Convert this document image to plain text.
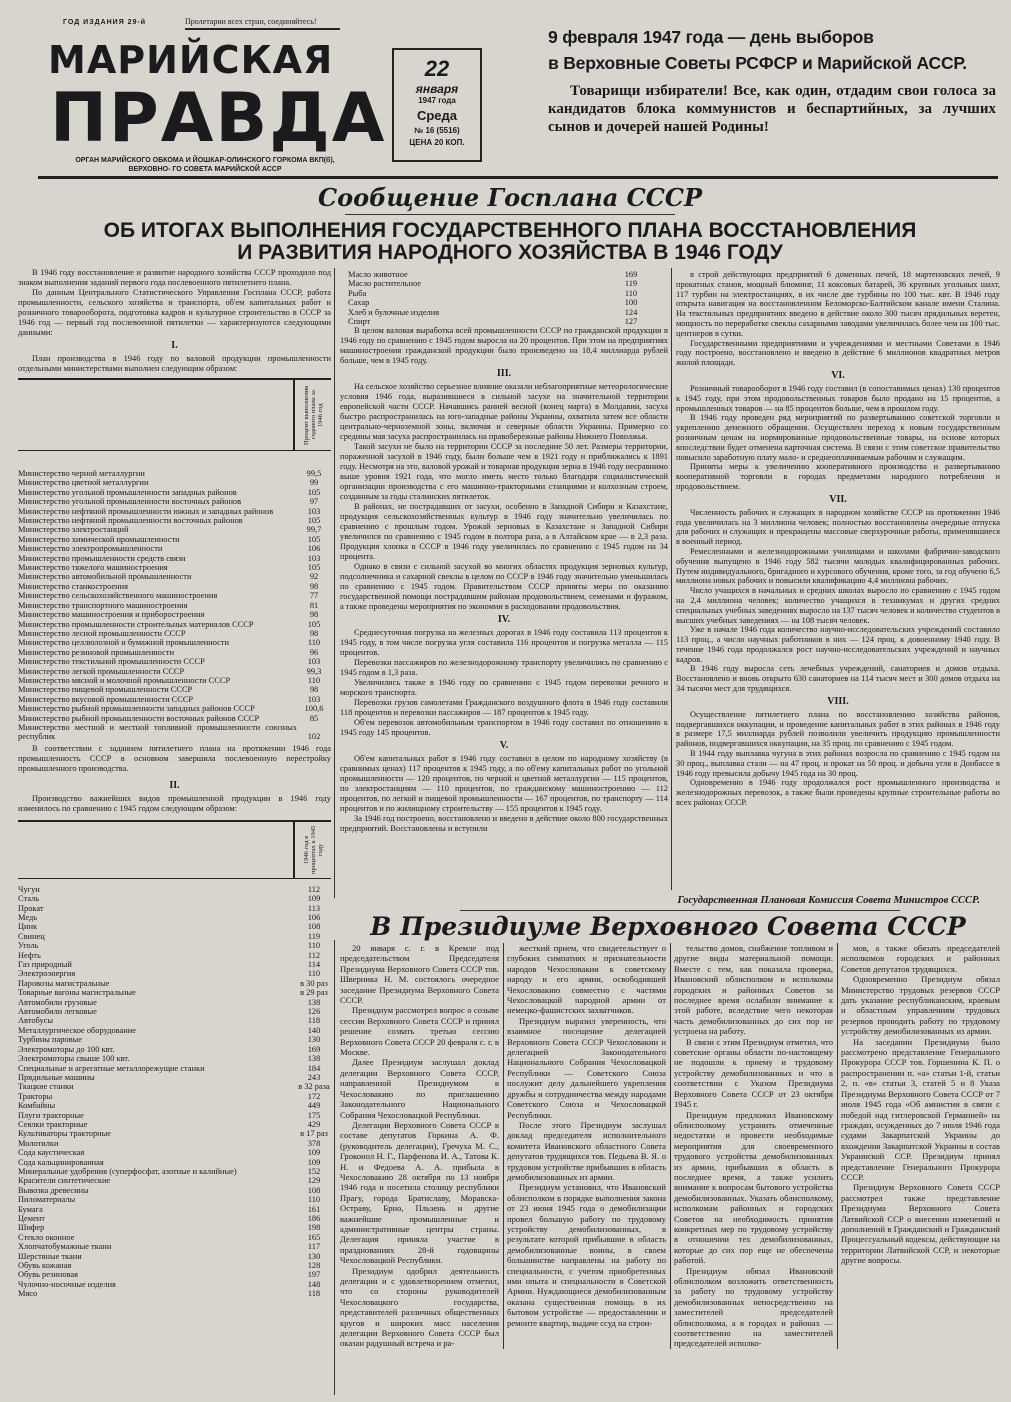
ГОД ИЗДАНИЯ 29-й	Пролетарии всех стран, соединяйтесь!
МАРИЙСКАЯ
ПРАВДА
ОРГАН МАРИЙСКОГО ОБКОМА И ЙОШКАР-ОЛИНСКОГО ГОРКОМА ВКП(б), ВЕРХОВНО- ГО СОВЕТА МАРИЙСКОЙ АССР
22
января
1947 года
Среда
№ 16 (5516)
ЦЕНА 20 КОП.
9 февраля 1947 года — день выборов
в Верховные Советы РСФСР и Марийской АССР.
Товарищи избиратели! Все, как один, отдадим свои голоса за кандидатов блока коммунистов и беспартийных, за лучших сынов и дочерей нашей Родины!
Сообщение Госплана СССР
ОБ ИТОГАХ ВЫПОЛНЕНИЯ ГОСУДАРСТВЕННОГО ПЛАНА ВОССТАНОВЛЕНИЯ
И РАЗВИТИЯ НАРОДНОГО ХОЗЯЙСТВА В 1946 ГОДУ

В 1946 году восстановление и развитие народного хозяйства СССР проходило под знаком выполнения заданий первого года послевоенного пятилетнего плана.

По данным Центрального Статистического Управления Госплана СССР, работа промышленности, сельского хозяйства и транспорта, об'ем капитальных работ и розничного товарооборота, подготовка кадров и культурное строительство в СССР за 1946 год — первый год послевоенной пятилетки — характеризуются следующими данными:

I.

План производства в 1946 году по валовой продукции промышленности отдельными министерствами выполнен следующим образом:

Процент выполнения годового плана за 1946 год
Министерство черной металлургии	99,5
Министерство цветной металлургии	99
Министерство угольной промышленности западных районов	105
Министерство угольной промышленности восточных районов	97
Министерство нефтяной промышленности южных и западных районов	103
Министерство нефтяной промышленности восточных районов	105
Министерство электростанций	99,7
Министерство химической промышленности	105
Министерство электропромышленности	106
Министерство промышленности средств связи	103
Министерство тяжелого машиностроения	105
Министерство автомобильной промышленности	92
Министерство станкостроения	98
Министерство сельскохозяйственного машиностроения	77
Министерство транспортного машиностроения	81
Министерство машиностроения и приборостроения	98
Министерство промышленности строительных материалов СССР	105
Министерство лесной промышленности СССР	98
Министерство целлюлозной и бумажной промышленности	110
Министерство резиновой промышленности	96
Министерство текстильной промышленности СССР	103
Министерство легкой промышленности СССР	99,3
Министерство мясной и молочной промышленности СССР	110
Министерство пищевой промышленности СССР	98
Министерство вкусовой промышленности СССР	103
Министерство рыбной промышленности западных районов СССР	100,6
Министерство рыбной промышленности восточных районов СССР	85
Министерство местной и местной топливной промышленности союзных республик	102

В соответствии с заданием пятилетнего плана на протяжении 1946 года промышленность СССР в основном завершила послевоенную перестройку промышленного производства.

II.

Производство важнейших видов промышленной продукции в 1946 году изменилось по сравнению с 1945 годом следующим образом:

1946 год в процентах к 1945 году
Чугун	112
Сталь	109
Прокат	113
Медь	106
Цинк	108
Свинец	119
Уголь	110
Нефть	112
Газ природный	114
Электроэнергия	110
Паровозы магистральные	в 30 раз
Товарные вагоны магистральные	в 29 раз
Автомобили грузовые	138
Автомобили легковые	126
Автобусы	118
Металлургическое оборудование	140
Турбины паровые	130
Электромоторы до 100 квт.	169
Электромоторы свыше 100 квт.	138
Специальные и агрегатные металлорежущие станки	184
Прядильные машины	243
Ткацкие станки	в 32 раза
Тракторы	172
Комбайны	449
Плуги тракторные	175
Сеялки тракторные	429
Культиваторы тракторные	в 17 раз
Молотилки	378
Сода каустическая	109
Сода кальцинированная	109
Минеральные удобрения (суперфосфат, азотные и калийные)	152
Красители синтетические	129
Вывозка древесины	108
Пиломатериалы	110
Бумага	161
Цемент	186
Шифер	198
Стекло оконное	165
Хлопчатобумажные ткани	117
Шерстяные ткани	130
Обувь кожаная	128
Обувь резиновая	197
Чулочно-носочные изделия	148
Мясо	118
Масло животное	169
Масло растительное	119
Рыба	110
Сахар	100
Хлеб и булочные изделия	124
Спирт	127

В целом валовая выработка всей промышленности СССР по гражданской продукции в 1946 году по сравнению с 1945 годом выросла на 20 процентов. При этом на предприятиях машиностроения гражданской продукции было произведено на 18,4 миллиарда рублей больше, чем в 1945 году.

III.

На сельское хозяйство серьезное влияние оказали неблагоприятные метеорологические условия 1946 года, выразившиеся в сильной засухе на значительной территории европейской части СССР. Начавшись ранней весной (конец марта) в Молдавии, засуха быстро распространилась на юго-западные районы Украины, охватила затем все области центрально-черноземной зоны, включая и северные области Украины. Примерно со средины мая засуха распространилась на правобережные районы Нижнего Поволжья.

Такой засухи не было на территории СССР за последние 50 лет. Размеры территории, пораженной засухой в 1946 году, были больше чем в 1921 году и приближались к 1891 году. Несмотря на это, валовой урожай и товарная продукция зерна в 1946 году несравнимо выше уровня 1921 года, что могло иметь место только благодаря социалистической организации производства с его машинно-тракторными станциями и колхозным строем, созданным за годы сталинских пятилеток.

В районах, не пострадавших от засухи, особенно в Западной Сибири и Казахстане, продукция сельскохозяйственных культур в 1946 году значительно увеличилась по сравнению с прошлым годом. Урожай зерновых в Казахстане и Западной Сибири увеличился по сравнению с 1945 годом в полтора раза, а в Алтайском крае — в 2,3 раза. Продукция хлопка в СССР в 1946 году увеличилась по сравнению с 1945 годом на 34 процента.

Однако в связи с сильной засухой во многих областях продукция зерновых культур, подсолнечника и сахарной свеклы в целом по СССР в 1946 году значительно уменьшилась по сравнению с 1945 годом. Правительством СССР приняты меры по оказанию государственной помощи пострадавшим районам продовольствием, семенами и фуражом, а также проведены мероприятия по экономии в расходовании продовольствия.

IV.

Среднесуточная погрузка на железных дорогах в 1946 году составила 113 процентов к 1945 году, в том числе погрузка угля составила 116 процентов и погрузка металла — 115 процентов.

Перевозки пассажиров по железнодорожному транспорту увеличились по сравнению с 1945 годом в 1,3 раза.

Увеличились также в 1946 году по сравнению с 1945 годом перевозки речного и морского транспорта.

Перевозки грузов самолетами Гражданского воздушного флота в 1946 году составили 118 процентов и перевозки пассажиров — 187 процентов к 1945 году.

Об'ем перевозок автомобильным транспортом в 1946 году составил по отношению к 1945 году 145 процентов.

V.

Об'ем капитальных работ в 1946 году составил в целом по народному хозяйству (в сравнимых ценах) 117 процентов к 1945 году, а по об'ему капитальных работ по угольной промышленности — 120 процентов, по черной и цветной металлургии — 115 процентов, по электростанциям — 110 процентов, по гражданскому машиностроению — 112 процентов, по легкой и пищевой промышленности — 167 процентов, по транспорту — 114 процентов и по жилищному строительству — 155 процентов к 1945 году.

За 1946 год построено, восстановлено и введено в действие около 800 государственных предприятий. Восстановлены и вступили

в строй действующих предприятий 6 доменных печей, 18 мартеновских печей, 9 прокатных станов, мощный блюминг, 11 коксовых батарей, 36 крупных угольных шахт, 117 турбин на электростанциях, в их числе две турбины по 100 тыс. квт. В 1946 году открыта навигация на восстановленном Беломорско-Балтийском канале имени Сталина. На текстильных предприятиях введено в действие около 300 тысяч прядильных веретен, мощность по переработке свеклы сахарными заводами увеличилась более чем на 100 тыс. центнеров в сутки.

Государственными предприятиями и учреждениями и местными Советами в 1946 году построено, восстановлено и введено в действие 6 миллионов квадратных метров жилой площади.

VI.

Розничный товарооборот в 1946 году составил (в сопоставимых ценах) 130 процентов к 1945 году, при этом продовольственных товаров было продано на 15 процентов, а промышленных товаров — на 85 процентов больше, чем в прошлом году.

В 1946 году проведен ряд мероприятий по развертыванию советской торговли и укреплению денежного обращения. Осуществлен переход к новым государственным розничным ценам на нормированные продовольственные товары, на основе которых впоследствии будет отменена карточная система. В связи с этим советское правительство повысило заработную плату мало- и среднеоплачиваемым рабочим и служащим.

Приняты меры к увеличению кооперативного производства и развертыванию кооперативной торговли в городах предметами народного потребления и продовольствием.

VII.

Численность рабочих и служащих в народном хозяйстве СССР на протяжении 1946 года увеличилась на 3 миллиона человек; полностью восстановлены очередные отпуска для рабочих и служащих и прекращены массовые сверхурочные работы, применявшиеся в военный период.

Ремесленными и железнодорожными училищами и школами фабрично-заводского обучения выпущено в 1946 году 582 тысячи молодых квалифицированных рабочих. Путем индивидуального, бригадного и курсового обучения, кроме того, за год обучено 6,5 миллиона новых рабочих и повысили квалификацию 4,4 миллиона рабочих.

Число учащихся в начальных и средних школах выросло по сравнению с 1945 годом на 2,4 миллиона человек; количество учащихся в техникумах и других средних специальных учебных заведениях выросло на 137 тысяч человек и количество студентов в высших учебных заведениях — на 108 тысяч человек.

Уже в начале 1946 года количество научно-исследовательских учреждений составило 113 проц., а число научных работников в них — 124 проц. к довоенному 1940 году. В течение 1946 года продолжался рост научно-исследовательских учреждений и научных кадров.

В 1946 году выросла сеть лечебных учреждений, санаториев и домов отдыха. Восстановлено и вновь открыто 630 санаториев на 114 тысяч мест и 300 домов отдыха на 34 тысячи мест для трудящихся.

VIII.

Осуществление пятилетнего плана по восстановлению хозяйства районов, подвергавшихся оккупации, и проведение капитальных работ в этих районах в 1946 году в размере 17,5 миллиарда рублей позволили увеличить продукцию промышленности районов, подвергавшихся оккупации, на 35 проц. по сравнению с 1945 годом.

В 1944 году выплавка чугуна в этих районах возросла по сравнению с 1945 годом на 30 проц., выплавка стали — на 47 проц. и прокат на 50 проц. и добыча угля в Донбассе в 1946 году превысила добычу 1945 года на 30 проц.

Одновременно в 1946 году продолжался рост промышленного производства и железнодорожных перевозок, а также были проведены крупные строительные работы во всех районах СССР.

Государственная Плановая Комиссия Совета Министров СССР.
В Президиуме Верховного Совета СССР

20 января с. г. в Кремле под председательством Председателя Президиума Верховного Совета СССР тов. Шверника Н. М. состоялось очередное заседание Президиума Верховного Совета СССР.

Президиум рассмотрел вопрос о созыве сессии Верховного Совета СССР и принял решение созвать третью сессию Верховного Совета СССР 20 февраля с. г. в Москве.

Далее Президиум заслушал доклад делегации Верховного Совета СССР, направленной Президиумом в Чехословакию по приглашению Законодательного Национального Собрания Чехословацкой Республики.

Делегация Верховного Совета СССР в составе депутатов Горкина А. Ф. (руководитель делегации), Гречуха М. С., Гроконол Н. Г., Парфенова И. А., Татова К. Н. и Федоева А. А. прибыла в Чехословакию 28 октября по 13 ноября 1946 года и посетила столицу республики Прагу, города Братиславу, Моравска-Остраву, Брно, Пльзень и другие важнейшие промышленные и административные центры страны. Делегация приняла участие в празднованиях 28-й годовщины Чехословацкой Республики.

Президиум одобрил деятельность делегации и с удовлетворением отметил, что со стороны руководителей Чехословацкого государства, представителей различных общественных кругов и широких масс населения делегации Верховного Совета СССР был оказан радушный встреча и ра-

жесткий прием, что свидетельствует о глубоких симпатиях и признательности народов Чехословакии к советскому народу и его армии, освободившей Чехословакию совместно с частями Чехословацкой народной армии от немецко-фашистских захватчиков.

Президиум выразил уверенность, что взаимное посещение делегацией Верховного Совета СССР Чехословакии и делегацией Законодательного Национального Собрания Чехословацкой Республики — Советского Союза послужит делу дальнейшего укрепления дружбы и сотрудничества между народами Советского Союза и Чехословацкой Республики.

После этого Президиум заслушал доклад председателя исполнительного комитета Ивановского областного Совета депутатов трудящихся тов. Педьева В. Я. о трудовом устройстве прибывших в область демобилизованных из армии.

Президиум установил, что Ивановский облисполком в порядке выполнения закона от 23 июня 1945 года о демобилизации провел большую работу по трудовому устройству демобилизованных, в результате которой прибывшие в область демобилизованные воины, в своем большинстве направлены на работу по специальности, с учетом приобретенных ими опыта и специальности в Советской Армии. Нуждающиеся демобилизованным оказана существенная помощь в их бытовом устройстве — предоставлении и ремонте квартир, выдаче ссуд на строи-

тельство домов, снабжение топливом и другие виды материальной помощи. Вместе с тем, как показала проверка, Ивановский облисполком и исполкомы городских и районных Советов за последнее время ослабили внимание к этой работе, вследствие чего некоторая часть демобилизованных до сих пор не устроена на работу.

В связи с этим Президиум отметил, что советские органы области по-настоящему не подошли к приему и трудовому устройству демобилизованных и что в соответствии с Указом Президиума Верховного Совета СССР от 23 октября 1945 г.

Президиум предложил Ивановскому облисполкому устранить отмеченные недостатки и провести необходимые мероприятия для своевременного трудового устройства демобилизованных из армии, прибывших в область в последнее время, а также усилить внимание к вопросам бытового устройства демобилизованных. Указать облисполкому, исполкомам районных и городских Советов на необходимость принятия конкретных мер по трудовому устройству в отношении тех демобилизованных, которые до сих пор еще не обеспечены работой.

Президиум обязал Ивановский облисполком возложить ответственность за работу по трудовому устройству демобилизованных непосредственно на заместителей председателей облисполкома, а в городах и районах — соответственно на заместителей председателей исполко-

мов, а также обязать председателей исполкомов городских и районных Советов депутатов трудящихся.

Одновременно Президиум обязал Министерство трудовых резервов СССР дать указание республиканским, краевым и областным управлениям трудовых резервов проводить работу по трудовому устройству демобилизованных из армии.

На заседании Президиума было рассмотрено представление Генерального Прокурора СССР тов. Горшенина К. П. о распространении п. «а» статьи 1-й, статьи 2, п. «в» статьи 3, статей 5 и 8 Указа Президиума Верховного Совета СССР от 7 июля 1945 года «Об амнистии в связи с победой над гитлеровской Германией» на граждан, осужденных до 7 июля 1946 года судами Закарпатской Украины до вхождения Закарпатской Украины в состав Украинской ССР. Президиум принял представление Генерального Прокурора СССР.

Президиум Верховного Совета СССР рассмотрел также представление Президиума Верховного Совета Латвийской ССР о внесении изменений и дополнений в Гражданский и Гражданский Процессуальный кодексы, действующие на территории Латвийской ССР, и некоторые другие вопросы.
